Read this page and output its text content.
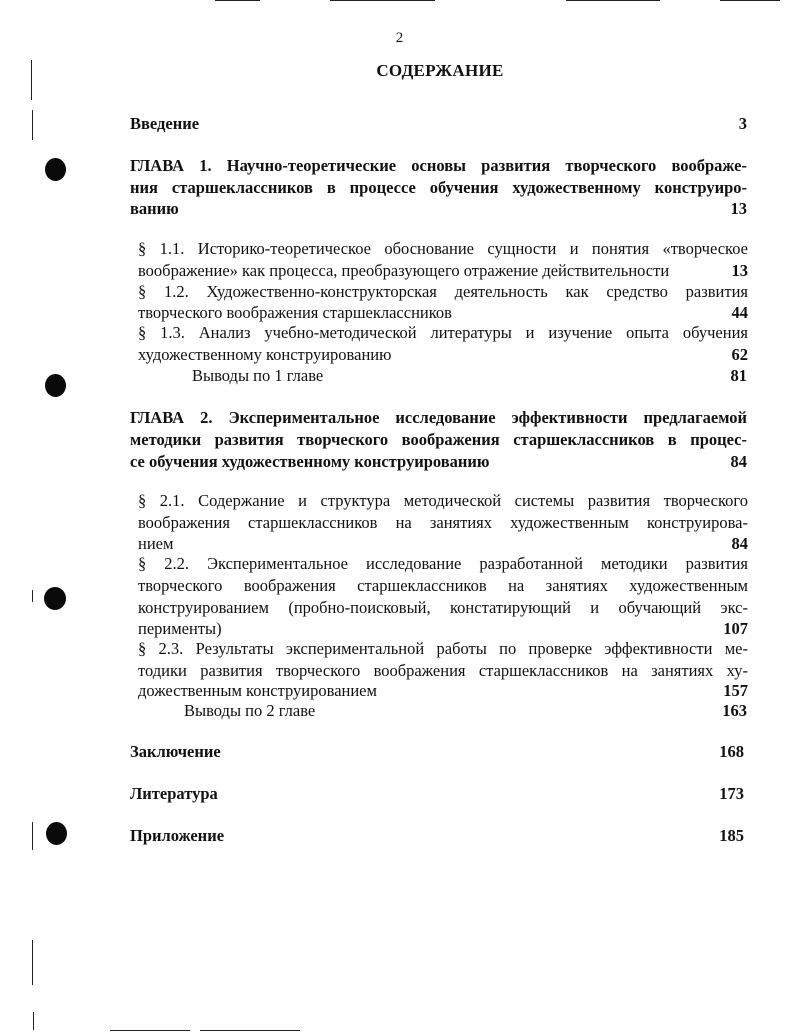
2
СОДЕРЖАНИЕ
Введение	3
ГЛАВА 1. Научно-теоретические основы развития творческого воображе-
ния старшеклассников в процессе обучения художественному конструиро-
ванию	13
§ 1.1. Историко-теоретическое обоснование сущности и понятия «творческое
воображение» как процесса, преобразующего отражение действительности	13
§ 1.2. Художественно-конструкторская деятельность как средство развития
творческого воображения старшеклассников	44
§ 1.3. Анализ учебно-методической литературы и изучение опыта обучения
художественному конструированию	62
Выводы по 1 главе	81
ГЛАВА 2. Экспериментальное исследование эффективности предлагаемой
методики развития творческого воображения старшеклассников в процес-
се обучения художественному конструированию	84
§ 2.1. Содержание и структура методической системы развития творческого
воображения старшеклассников на занятиях художественным конструирова-
нием	84
§ 2.2. Экспериментальное исследование разработанной методики развития
творческого воображения старшеклассников на занятиях художественным
конструированием (пробно-поисковый, констатирующий и обучающий экс-
перименты)	107
§ 2.3. Результаты экспериментальной работы по проверке эффективности ме-
тодики развития творческого воображения старшеклассников на занятиях ху-
дожественным конструированием	157
Выводы по 2 главе	163
Заключение	168
Литература	173
Приложение	185
